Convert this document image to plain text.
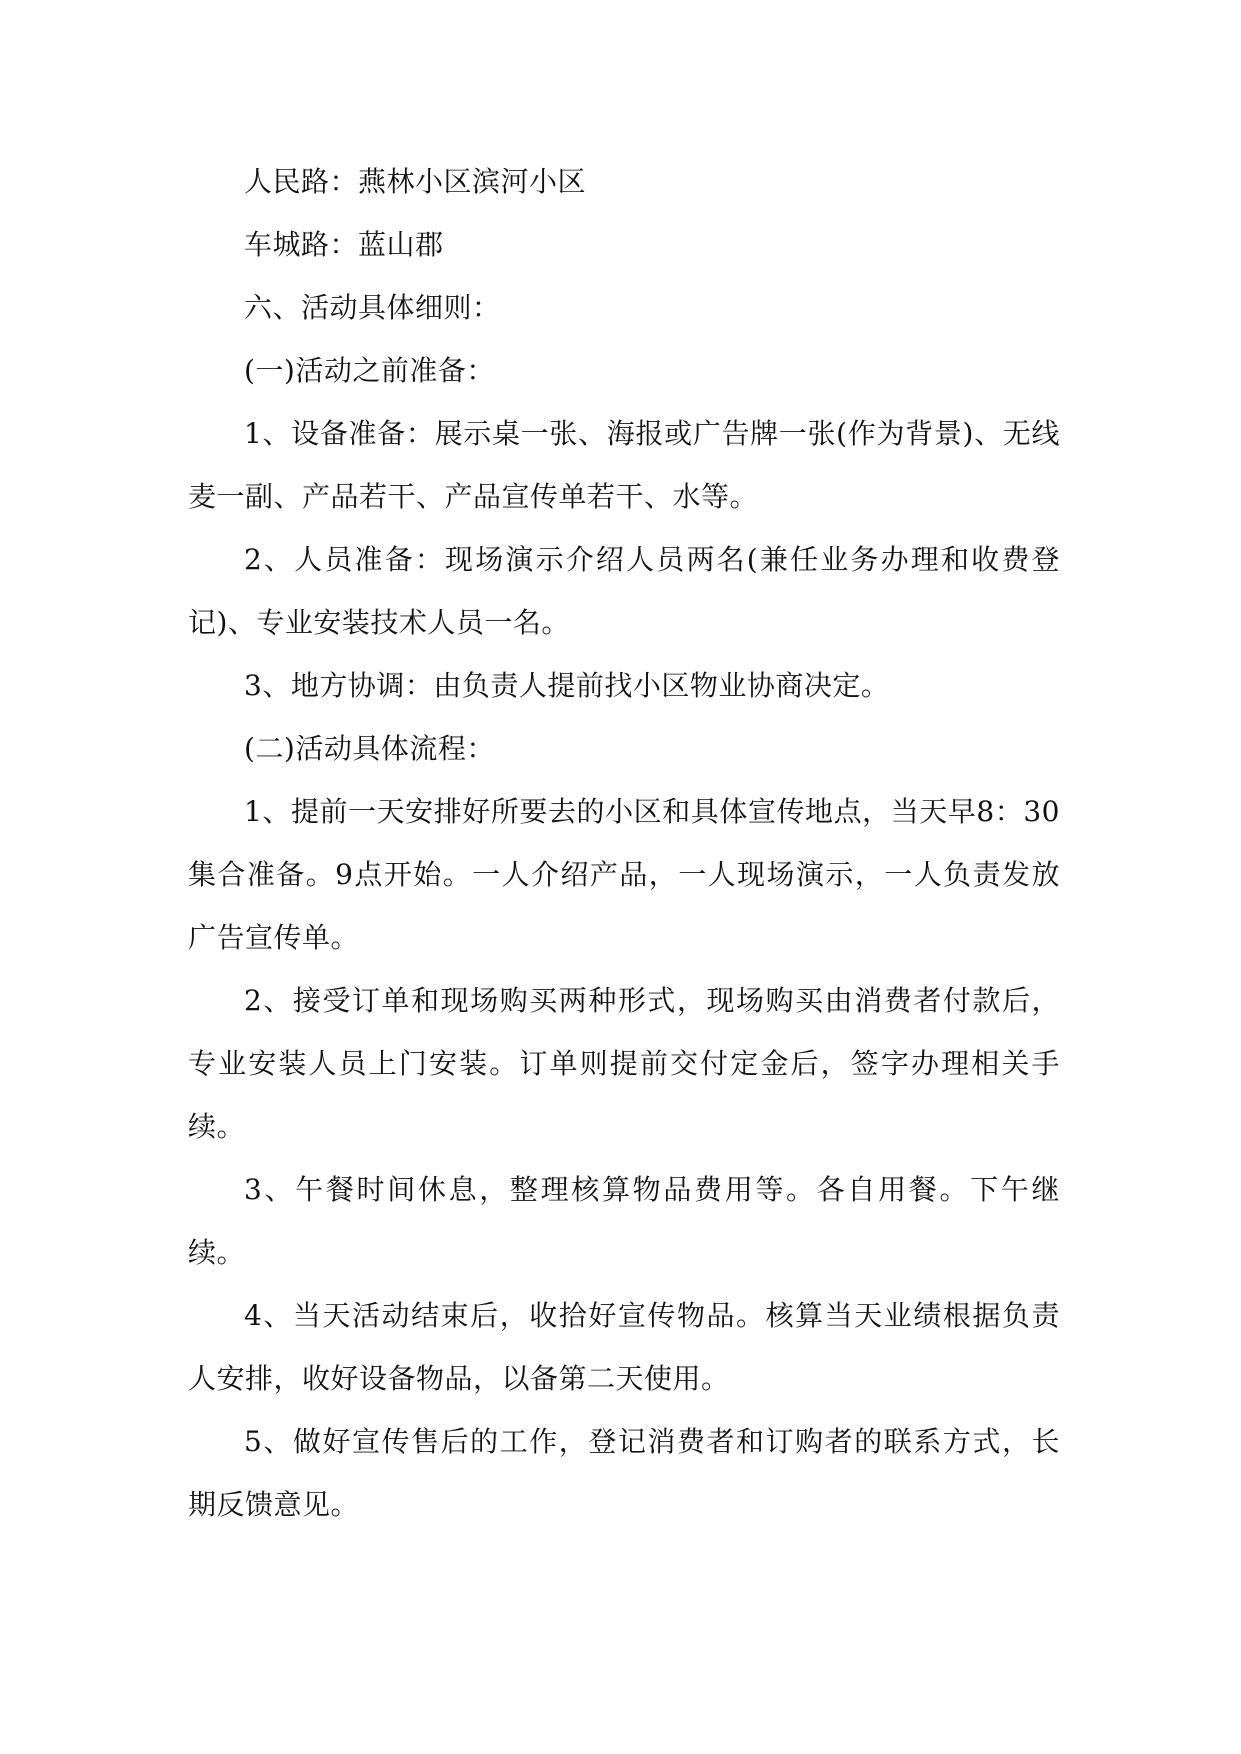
人民路：燕林小区滨河小区

车城路：蓝山郡

六、活动具体细则：

(一)活动之前准备：

1、设备准备：展示桌一张、海报或广告牌一张(作为背景)、无线麦一副、产品若干、产品宣传单若干、水等。

2、人员准备：现场演示介绍人员两名(兼任业务办理和收费登记)、专业安装技术人员一名。

3、地方协调：由负责人提前找小区物业协商决定。

(二)活动具体流程：

1、提前一天安排好所要去的小区和具体宣传地点，当天早8：30集合准备。9点开始。一人介绍产品，一人现场演示，一人负责发放广告宣传单。

2、接受订单和现场购买两种形式，现场购买由消费者付款后，专业安装人员上门安装。订单则提前交付定金后，签字办理相关手续。

3、午餐时间休息，整理核算物品费用等。各自用餐。下午继续。

4、当天活动结束后，收拾好宣传物品。核算当天业绩根据负责人安排，收好设备物品，以备第二天使用。

5、做好宣传售后的工作，登记消费者和订购者的联系方式，长期反馈意见。
